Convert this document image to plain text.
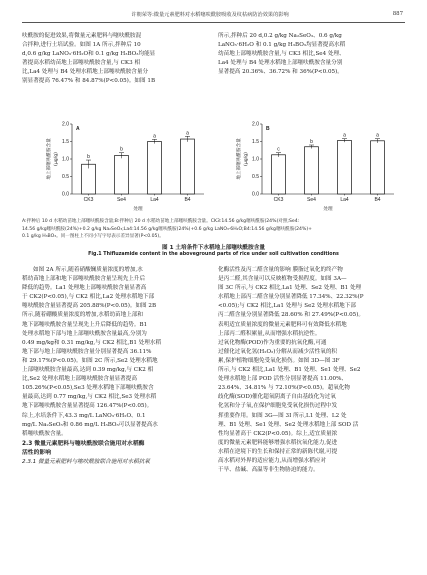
许朝荣等:微量元素肥料对水稻噻呋酰胺吸收及纹枯病防治效果的影响	887

呋酰胺的促进效果,将微量元素肥料与噻呋酰胺混
合拌种,进行土培试验。如图 1A 所示,拌种后 10
d,0.6 g/kg LaNO₃·6H₂O和 0.1 g/kg H₃BO₃均能显
著提高水稻幼苗地上部噻呋酰胺含量,与 CK3 相
比,La4 处理与 B4 处理水稻地上部噻呋酰胺含量分
别显著提高 76.47% 和 84.87%(P<0.05)。如图 1B

所示,拌种后 20 d,0.2 g/kg Na₂SeO₃、0.6 g/kg
LaNO₃·6H₂O 和 0.1 g/kg H₃BO₃均显著提高水稻
幼苗地上部噻呋酰胺含量,与 CK3 相比,Se4 处理、
La4 处理与 B4 处理水稻地上部噻呋酰胺含量分别
显著提高 20.36%、36.72% 和 36%(P<0.05)。

0.0
0.5
1.0
1.5
2.0
地上部噻呋酰胺含量 (μg/g)
A
b
CK3
b
Se4
a
La4
a
B4
处理
0.0
0.5
1.0
1.5
2.0
地上部噻呋酰胺含量 (μg/g)
B
c
CK3
b
Se4
a
La4
a
B4
处理
A:拌种后 10 d 水稻幼苗地上部噻呋酰胺含量;B:拌种后 20 d 水稻幼苗地上部噻呋酰胺含量。CK3:14.56 g/kg噻呋酰胺(24%)对照;Se4:
14.56 g/kg噻呋酰胺(24%)+0.2 g/kg Na₂SeO₃;La4:14.56 g/kg噻呋酰胺(24%)+0.6 g/kg LaNO₃·6H₂O;B4:14.56 g/kg噻呋酰胺(24%)+
0.1 g/kg H₃BO₃。同一图柱上不同小写字母表示差异显著(P<0.05)。
图 1 土培条件下水稻地上部噻呋酰胺含量
Fig.1 Thifluzamide content in the aboveground parts of rice under soil cultivation conditions

如图 2A 所示,随着硝酸镧质量浓度的增加,水
稻幼苗地上部和地下部噻呋酰胺含量呈现先上升后
降低的趋势。La1 处理地上部噻呋酰胺含量显著高
于 CK2(P<0.05),与 CK2 相比,La2 处理水稻地下部
噻呋酰胺含量显著提高 205.88%(P<0.05)。如图 2B
所示,随着硼酸质量浓度的增加,水稻幼苗地上部和
地下部噻呋酰胺含量呈现先上升后降低的趋势。B1
处理水稻地下部与地上部噻呋酰胺含量最高,分别为
0.49 mg/kg和 0.31 mg/kg,与 CK2 相比,B1 处理水稻
地下部与地上部噻呋酰胺含量分别显著提高 36.11%
和 29.17%(P<0.05)。如图 2C 所示,Se2 处理水稻地
上部噻呋酰胺含量最高,达到 0.39 mg/kg,与 CK2 相
比,Se2 处理水稻地上部噻呋酰胺含量显著提高
105.26%(P<0.05),Se3 处理水稻地下部噻呋酰胺含
量最高,达到 0.77 mg/kg,与 CK2 相比,Se3 处理水稻
地下部噻呋酰胺含量显著提高 126.47%(P<0.05)。
综上,水培条件下,43.3 mg/L LaNO₃·6H₂O、0.1
mg/L Na₂SeO₃和 0.86 mg/L H₃BO₃可以显著提高水
稻噻呋酰胺含量。

2.3 微量元素肥料与噻呋酰胺联合施用对水稻酶
活性的影响

2.3.1 微量元素肥料与噻呋酰胺联合施用对水稻抗氧

化酶活性及丙二醛含量的影响 膜脂过氧化的终产物
是丙二醛,其含量可以反映植物受损程度。如图 3A—
图 3C 所示,与 CK2 相比,La1 处理、Se2 处理、B1 处理
水稻地上部丙二醛含量分别显著降低 17.34%、22.32%(P
<0.05);与 CK2 相比,La1 处理与 Se2 处理水稻地下部
丙二醛含量分别显著降低 28.60% 和 27.49%(P<0.05)。
表明适宜质量浓度的微量元素肥料可有效降低水稻地
上部丙二醛积累量,从而增强水稻抗逆性。
过氧化物酶(POD)作为重要的抗氧化酶,可通
过催化过氧化氢(H₂O₂)分解从而减少活性氧的积
累,保护植物细胞免受氧化损伤。如图 3D—图 3F
所示,与 CK2 相比,La1 处理、B1 处理、Se1 处理、Se2
处理水稻地上部 POD 活性分别显著提高 11.00%、
23.64%、34.81% 与 72.10%(P<0.05)。超氧化物
歧化酶(SOD)催化超氧阴离子自由基歧化为过氧
化氢和分子氧,在保护细胞免受氧化损伤过程中发
挥重要作用。如图 3G—图 3I 所示,L1 处理、L2 处
理、B1 处理、Se1 处理、Se2 处理水稻地上部 SOD 活
性均显著高于 CK2(P<0.05)。综上,适宜质量浓
度的微量元素肥料能够增强水稻抗氧化能力,促进
水稻在逆境下的生长和保持正常的新陈代谢,可提
高水稻对外界的适应能力,从而增强水稻应对
干旱、盐碱、高温等非生物胁迫的能力。
